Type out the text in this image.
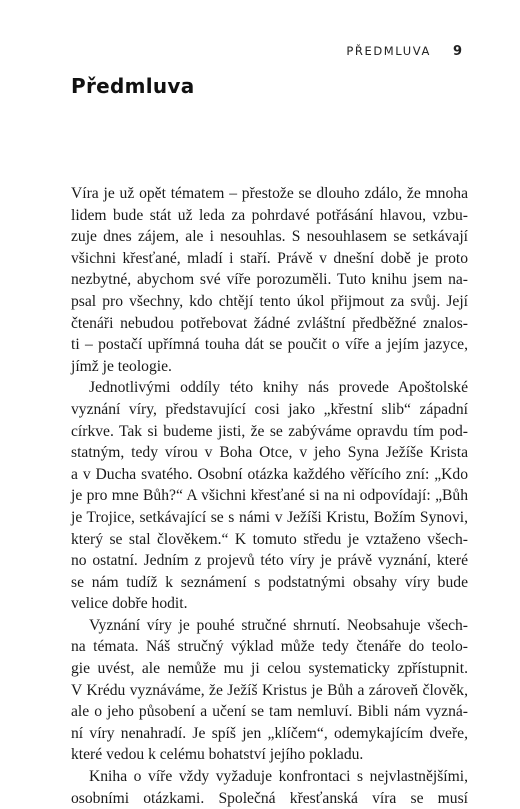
PŘEDMLUVA 9
Předmluva

Víra je už opět tématem – přestože se dlouho zdálo, že mnoha
lidem bude stát už leda za pohrdavé potřásání hlavou, vzbu-
zuje dnes zájem, ale i nesouhlas. S nesouhlasem se setkávají
všichni křesťané, mladí i staří. Právě v dnešní době je proto
nezbytné, abychom své víře porozuměli. Tuto knihu jsem na-
psal pro všechny, kdo chtějí tento úkol přijmout za svůj. Její
čtenáři nebudou potřebovat žádné zvláštní předběžné znalos-
ti – postačí upřímná touha dát se poučit o víře a jejím jazyce,
jímž je teologie.

Jednotlivými oddíly této knihy nás provede Apoštolské
vyznání víry, představující cosi jako „křestní slib“ západní
církve. Tak si budeme jisti, že se zabýváme opravdu tím pod-
statným, tedy vírou v Boha Otce, v jeho Syna Ježíše Krista
a v Ducha svatého. Osobní otázka každého věřícího zní: „Kdo
je pro mne Bůh?“ A všichni křesťané si na ni odpovídají: „Bůh
je Trojice, setkávající se s námi v Ježíši Kristu, Božím Synovi,
který se stal člověkem.“ K tomuto středu je vztaženo všech-
no ostatní. Jedním z projevů této víry je právě vyznání, které
se nám tudíž k seznámení s podstatnými obsahy víry bude
velice dobře hodit.

Vyznání víry je pouhé stručné shrnutí. Neobsahuje všech-
na témata. Náš stručný výklad může tedy čtenáře do teolo-
gie uvést, ale nemůže mu ji celou systematicky zpřístupnit.
V Krédu vyznáváme, že Ježíš Kristus je Bůh a zároveň člověk,
ale o jeho působení a učení se tam nemluví. Bibli nám vyzná-
ní víry nenahradí. Je spíš jen „klíčem“, odemykajícím dveře,
které vedou k celému bohatství jejího pokladu.

Kniha o víře vždy vyžaduje konfrontaci s nejvlastnějšími,
osobními otázkami. Společná křesťanská víra se musí
